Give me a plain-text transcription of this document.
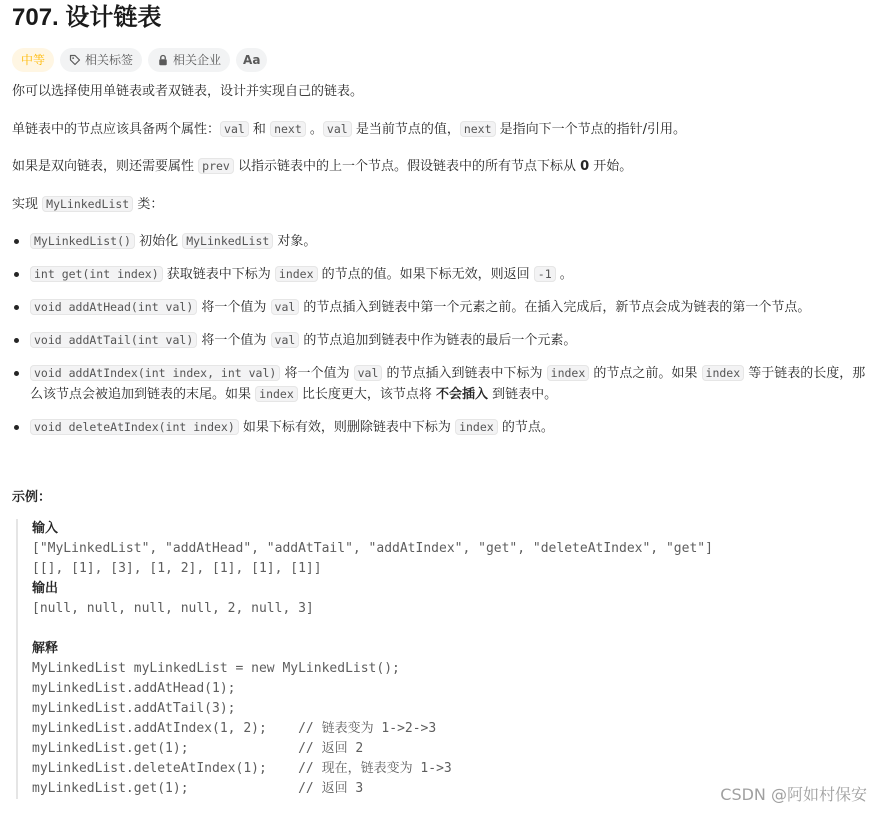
707. 设计链表
中等	相关标签	相关企业 Aa

你可以选择使用单链表或者双链表，设计并实现自己的链表。

单链表中的节点应该具备两个属性： val 和 next 。 val 是当前节点的值， next 是指向下一个节点的指针/引用。

如果是双向链表，则还需要属性 prev 以指示链表中的上一个节点。假设链表中的所有节点下标从 0 开始。

实现 MyLinkedList 类：

MyLinkedList() 初始化 MyLinkedList 对象。
int get(int index) 获取链表中下标为 index 的节点的值。如果下标无效，则返回 -1 。
void addAtHead(int val) 将一个值为 val 的节点插入到链表中第一个元素之前。在插入完成后，新节点会成为链表的第一个节点。
void addAtTail(int val) 将一个值为 val 的节点追加到链表中作为链表的最后一个元素。
void addAtIndex(int index, int val) 将一个值为 val 的节点插入到链表中下标为 index 的节点之前。如果 index 等于链表的长度，那么该节点会被追加到链表的末尾。如果 index 比长度更大，该节点将 不会插入 到链表中。
void deleteAtIndex(int index) 如果下标有效，则删除链表中下标为 index 的节点。

示例：

输入
["MyLinkedList", "addAtHead", "addAtTail", "addAtIndex", "get", "deleteAtIndex", "get"]
[[], [1], [3], [1, 2], [1], [1], [1]]
输出
[null, null, null, null, 2, null, 3]
解释
MyLinkedList myLinkedList = new MyLinkedList();
myLinkedList.addAtHead(1);
myLinkedList.addAtTail(3);
myLinkedList.addAtIndex(1, 2);    // 链表变为 1->2->3
myLinkedList.get(1);              // 返回 2
myLinkedList.deleteAtIndex(1);    // 现在，链表变为 1->3
myLinkedList.get(1);              // 返回 3	CSDN @阿如村保安
